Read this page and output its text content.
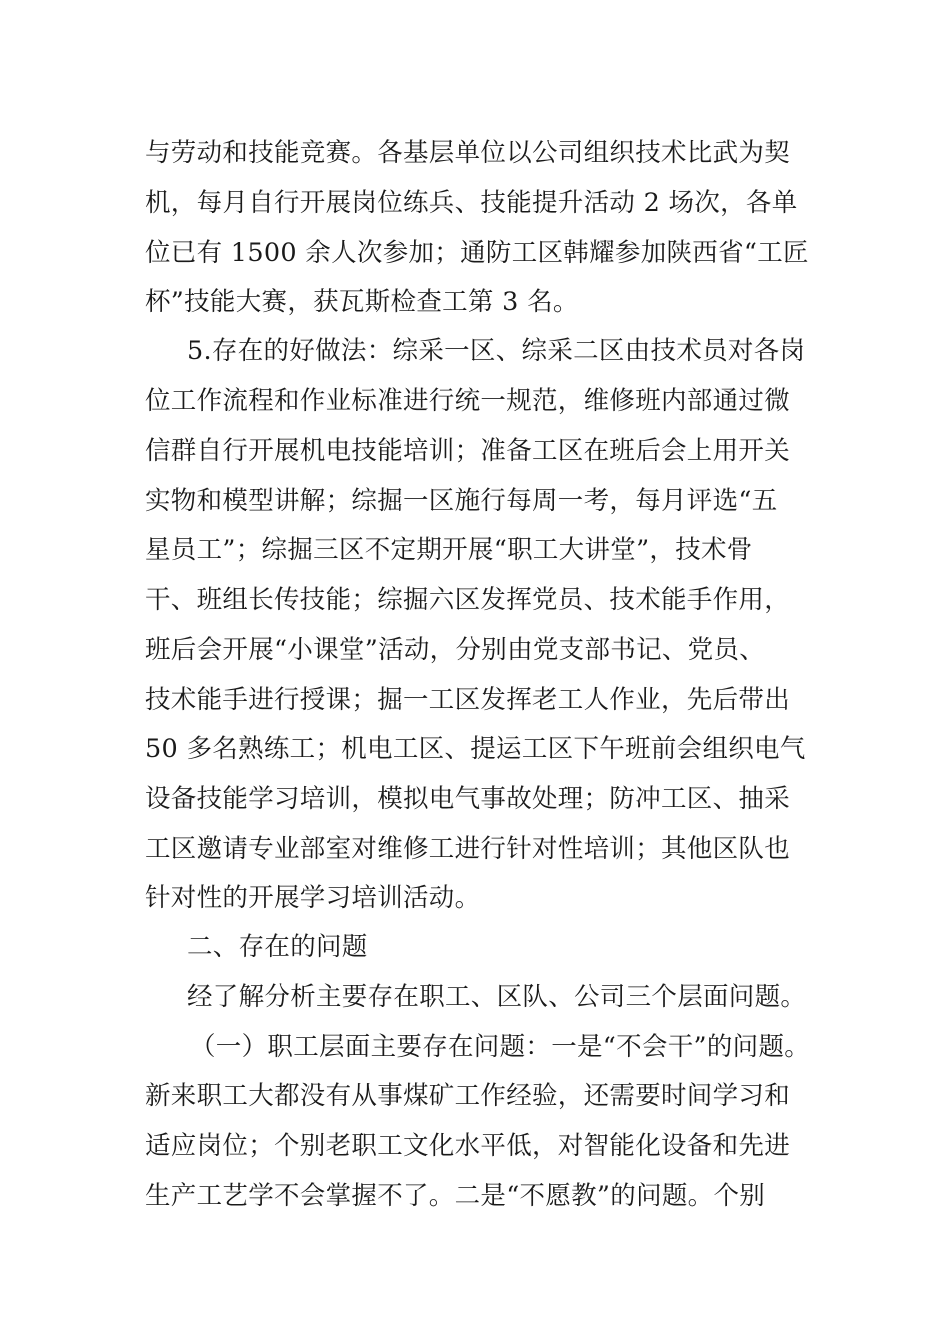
与劳动和技能竞赛。各基层单位以公司组织技术比武为契
机，每月自行开展岗位练兵、技能提升活动 2 场次，各单
位已有 1500 余人次参加；通防工区韩耀参加陕西省“工匠
杯”技能大赛，获瓦斯检查工第 3 名。
5.存在的好做法：综采一区、综采二区由技术员对各岗
位工作流程和作业标准进行统一规范，维修班内部通过微
信群自行开展机电技能培训；准备工区在班后会上用开关
实物和模型讲解；综掘一区施行每周一考，每月评选“五
星员工”；综掘三区不定期开展“职工大讲堂”，技术骨
干、班组长传技能；综掘六区发挥党员、技术能手作用，
班后会开展“小课堂”活动，分别由党支部书记、党员、
技术能手进行授课；掘一工区发挥老工人作业，先后带出
50 多名熟练工；机电工区、提运工区下午班前会组织电气
设备技能学习培训，模拟电气事故处理；防冲工区、抽采
工区邀请专业部室对维修工进行针对性培训；其他区队也
针对性的开展学习培训活动。
二、存在的问题
经了解分析主要存在职工、区队、公司三个层面问题。
（一）职工层面主要存在问题：一是“不会干”的问题。
新来职工大都没有从事煤矿工作经验，还需要时间学习和
适应岗位；个别老职工文化水平低，对智能化设备和先进
生产工艺学不会掌握不了。二是“不愿教”的问题。个别
